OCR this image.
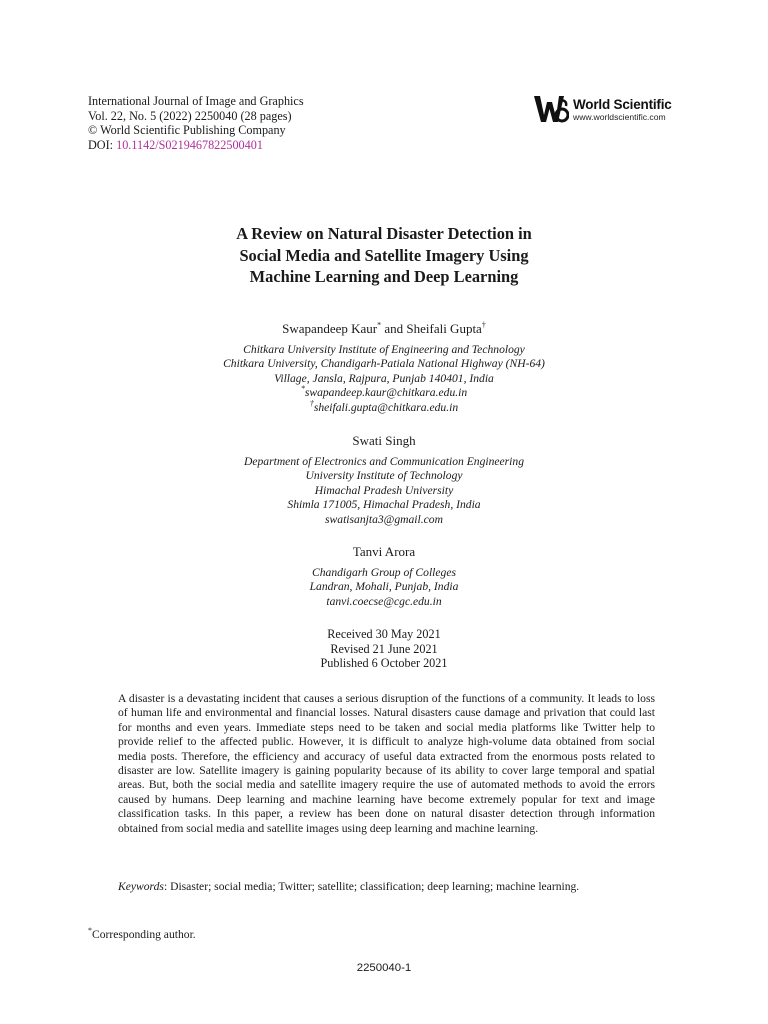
International Journal of Image and Graphics
Vol. 22, No. 5 (2022) 2250040 (28 pages)
© World Scientific Publishing Company
DOI: 10.1142/S0219467822500401
World Scientific
www.worldscientific.com
A Review on Natural Disaster Detection in
Social Media and Satellite Imagery Using
Machine Learning and Deep Learning
Swapandeep Kaur* and Sheifali Gupta†
Chitkara University Institute of Engineering and Technology
Chitkara University, Chandigarh-Patiala National Highway (NH-64)
Village, Jansla, Rajpura, Punjab 140401, India
*swapandeep.kaur@chitkara.edu.in
†sheifali.gupta@chitkara.edu.in
Swati Singh
Department of Electronics and Communication Engineering
University Institute of Technology
Himachal Pradesh University
Shimla 171005, Himachal Pradesh, India
swatisanjta3@gmail.com
Tanvi Arora
Chandigarh Group of Colleges
Landran, Mohali, Punjab, India
tanvi.coecse@cgc.edu.in
Received 30 May 2021
Revised 21 June 2021
Published 6 October 2021
A disaster is a devastating incident that causes a serious disruption of the functions of a community. It leads to loss of human life and environmental and financial losses. Natural disasters cause damage and privation that could last for months and even years. Immediate steps need to be taken and social media platforms like Twitter help to provide relief to the affected public. However, it is difficult to analyze high-volume data obtained from social media posts. Therefore, the efficiency and accuracy of useful data extracted from the enormous posts related to disaster are low. Satellite imagery is gaining popularity because of its ability to cover large temporal and spatial areas. But, both the social media and satellite imagery require the use of automated methods to avoid the errors caused by humans. Deep learning and machine learning have become extremely popular for text and image classification tasks. In this paper, a review has been done on natural disaster detection through information obtained from social media and satellite images using deep learning and machine learning.
Keywords: Disaster; social media; Twitter; satellite; classification; deep learning; machine learning.
*Corresponding author.
2250040-1
